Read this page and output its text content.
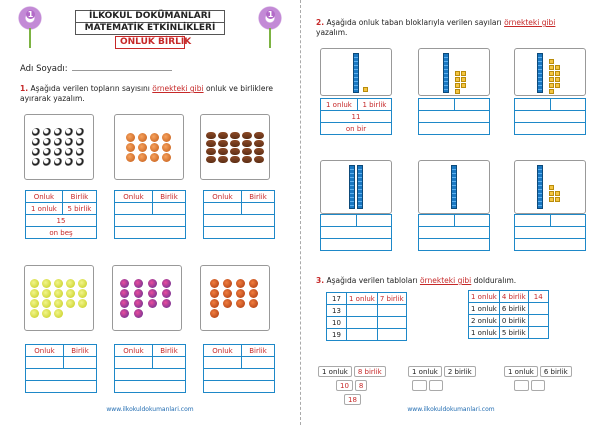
1	1
İLKOKUL DOKÜMANLARI
MATEMATİK ETKİNLİKLERİ
ONLUK BİRLİK
Adı Soyadı:
1. Aşağıda verilen topların sayısını örnekteki gibi onluk ve birliklere ayırarak yazalım.
Onluk	Birlik
1 onluk	5 birlik
15	
on beş	
Onluk	Birlik
		Onluk	Birlik

Onluk	Birlik
		Onluk	Birlik
		Onluk	Birlik

www.ilkokuldokumanlari.com
2. Aşağıda onluk taban bloklarıyla verilen sayıları örnekteki gibi yazalım.
1 onluk	1 birlik
11
on bir

3. Aşağıda verilen tabloları örnekteki gibi dolduralım.
17	1 onluk	7 birlik
13		
10		
19		
1 onluk	4 birlik	14
1 onluk	6 birlik	
2 onluk	0 birlik	
1 onluk	5 birlik	
1 onluk	8 birlik
10	8
18
1 onluk	2 birlik

	1 onluk	6 birlik

www.ilkokuldokumanlari.com
